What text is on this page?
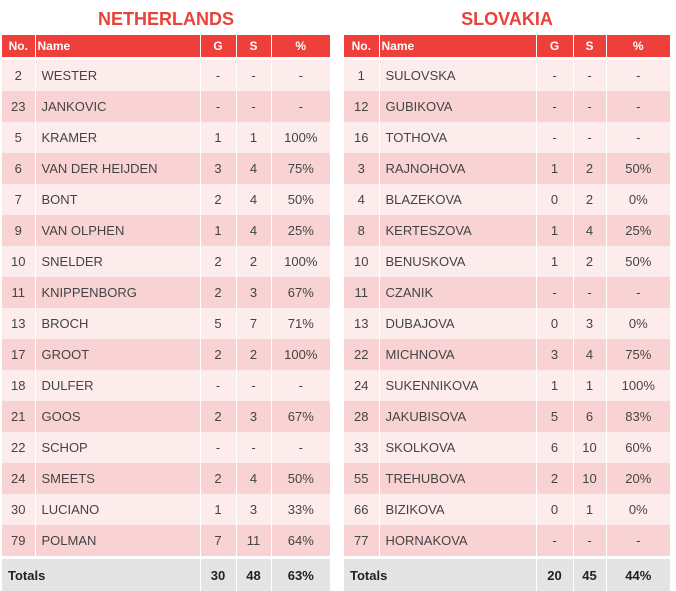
NETHERLANDS
No.	Name	G	S	%

2	WESTER	-	-	-
23	JANKOVIC	-	-	-
5	KRAMER	1	1	100%
6	VAN DER HEIJDEN	3	4	75%
7	BONT	2	4	50%
9	VAN OLPHEN	1	4	25%
10	SNELDER	2	2	100%
11	KNIPPENBORG	2	3	67%
13	BROCH	5	7	71%
17	GROOT	2	2	100%
18	DULFER	-	-	-
21	GOOS	2	3	67%
22	SCHOP	-	-	-
24	SMEETS	2	4	50%
30	LUCIANO	1	3	33%
79	POLMAN	7	11	64%

Totals		30	48	63%
SLOVAKIA
No.	Name	G	S	%

1	SULOVSKA	-	-	-
12	GUBIKOVA	-	-	-
16	TOTHOVA	-	-	-
3	RAJNOHOVA	1	2	50%
4	BLAZEKOVA	0	2	0%
8	KERTESZOVA	1	4	25%
10	BENUSKOVA	1	2	50%
11	CZANIK	-	-	-
13	DUBAJOVA	0	3	0%
22	MICHNOVA	3	4	75%
24	SUKENNIKOVA	1	1	100%
28	JAKUBISOVA	5	6	83%
33	SKOLKOVA	6	10	60%
55	TREHUBOVA	2	10	20%
66	BIZIKOVA	0	1	0%
77	HORNAKOVA	-	-	-

Totals		20	45	44%
